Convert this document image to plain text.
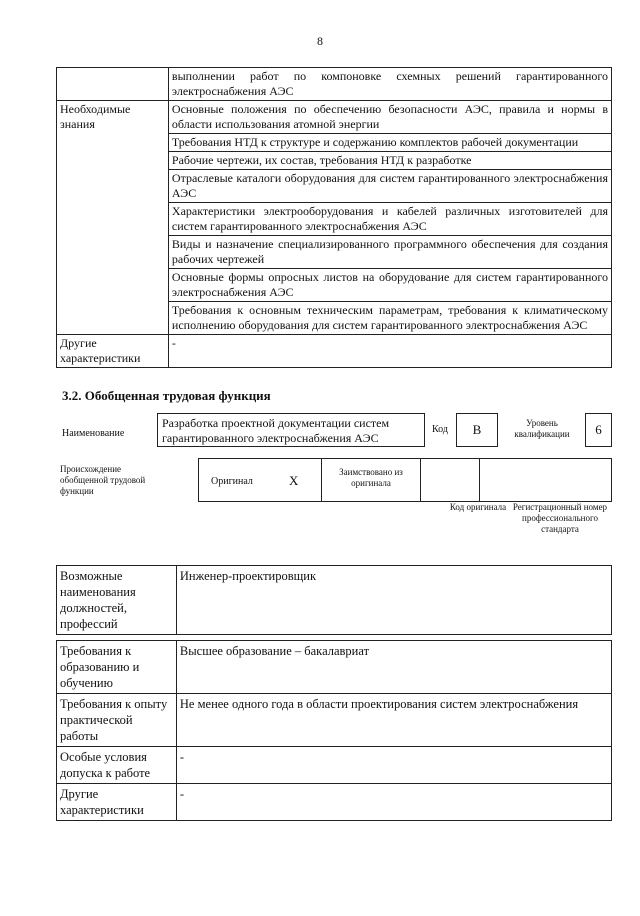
8
	выполнении работ по компоновке схемных решений гарантированного электроснабжения АЭС
Необходимые знания	Основные положения по обеспечению безопасности АЭС, правила и нормы в области использования атомной энергии
	Требования НТД к структуре и содержанию комплектов рабочей документации
	Рабочие чертежи, их состав, требования НТД к разработке
	Отраслевые каталоги оборудования для систем гарантированного электроснабжения АЭС
	Характеристики электрооборудования и кабелей различных изготовителей для систем гарантированного электроснабжения АЭС
	Виды и назначение специализированного программного обеспечения для создания рабочих чертежей
	Основные формы опросных листов на оборудование для систем гарантированного электроснабжения АЭС
	Требования к основным техническим параметрам, требования к климатическому исполнению оборудования для систем гарантированного электроснабжения АЭС
Другие характеристики	-
3.2. Обобщенная трудовая функция
Наименование
Разработка проектной документации систем гарантированного электроснабжения АЭС
Код	B	Уровень квалификации	6
Происхождение обобщенной трудовой функции
Оригинал	X
Заимствовано из оригинала
Код оригинала Регистрационный номер профессионального стандарта
Возможные наименования должностей, профессий	Инженер-проектировщик
Требования к образованию и обучению	Высшее образование – бакалавриат
Требования к опыту практической работы	Не менее одного года в области проектирования систем электроснабжения
Особые условия допуска к работе	-
Другие характеристики	-
